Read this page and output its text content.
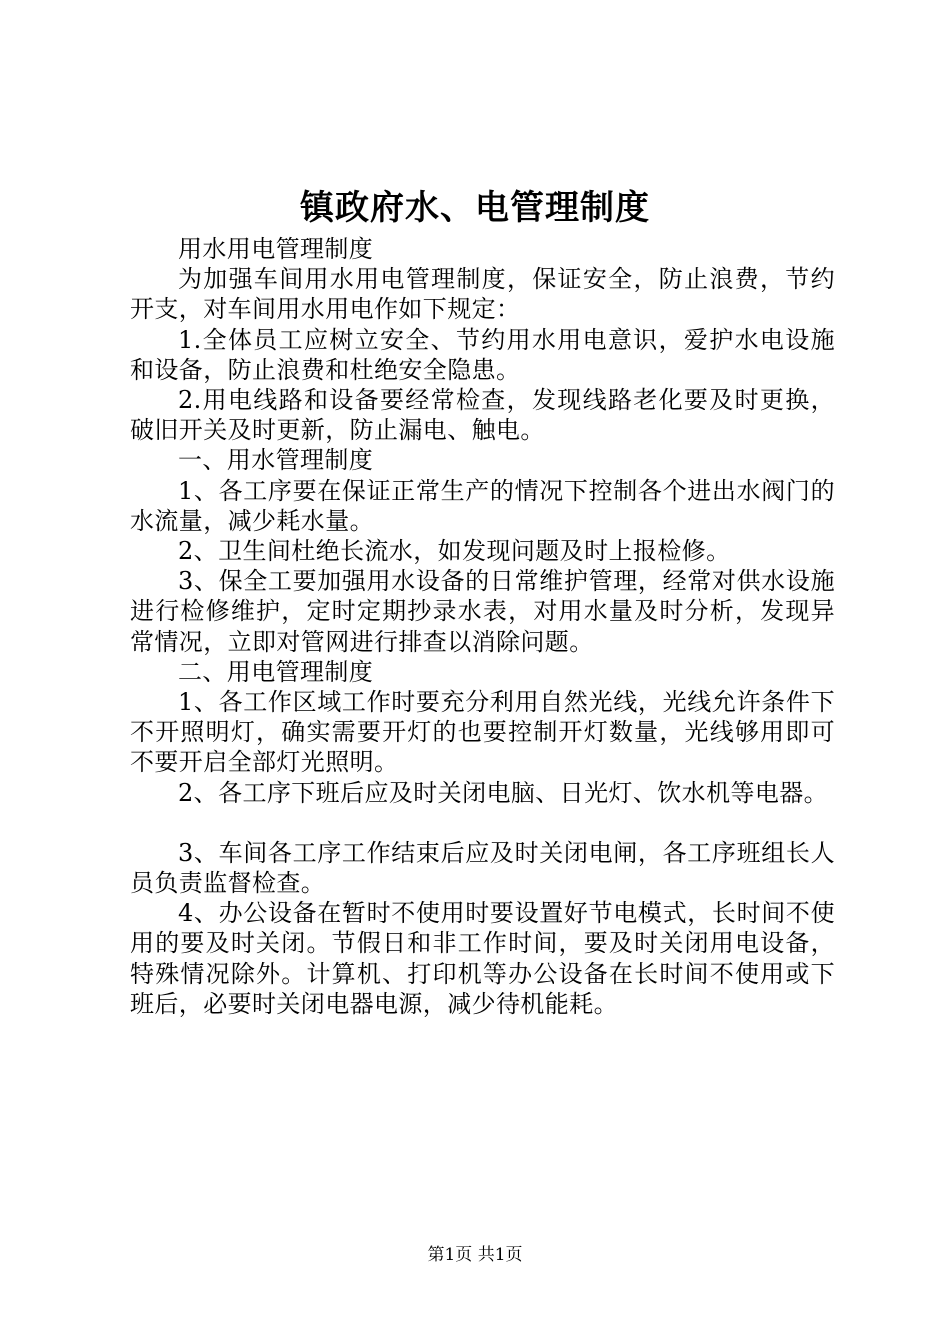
镇政府水、电管理制度

用水用电管理制度

为加强车间用水用电管理制度，保证安全，防止浪费，节约开支，对车间用水用电作如下规定：

1.全体员工应树立安全、节约用水用电意识，爱护水电设施和设备，防止浪费和杜绝安全隐患。

2.用电线路和设备要经常检查，发现线路老化要及时更换，破旧开关及时更新，防止漏电、触电。

一、用水管理制度

1、各工序要在保证正常生产的情况下控制各个进出水阀门的水流量，减少耗水量。

2、卫生间杜绝长流水，如发现问题及时上报检修。

3、保全工要加强用水设备的日常维护管理，经常对供水设施进行检修维护，定时定期抄录水表，对用水量及时分析，发现异常情况，立即对管网进行排查以消除问题。

二、用电管理制度

1、各工作区域工作时要充分利用自然光线，光线允许条件下不开照明灯，确实需要开灯的也要控制开灯数量，光线够用即可不要开启全部灯光照明。

2、各工序下班后应及时关闭电脑、日光灯、饮水机等电器。

3、车间各工序工作结束后应及时关闭电闸，各工序班组长人员负责监督检查。

4、办公设备在暂时不使用时要设置好节电模式，长时间不使用的要及时关闭。节假日和非工作时间，要及时关闭用电设备，特殊情况除外。计算机、打印机等办公设备在长时间不使用或下班后，必要时关闭电器电源，减少待机能耗。

第1页 共1页
